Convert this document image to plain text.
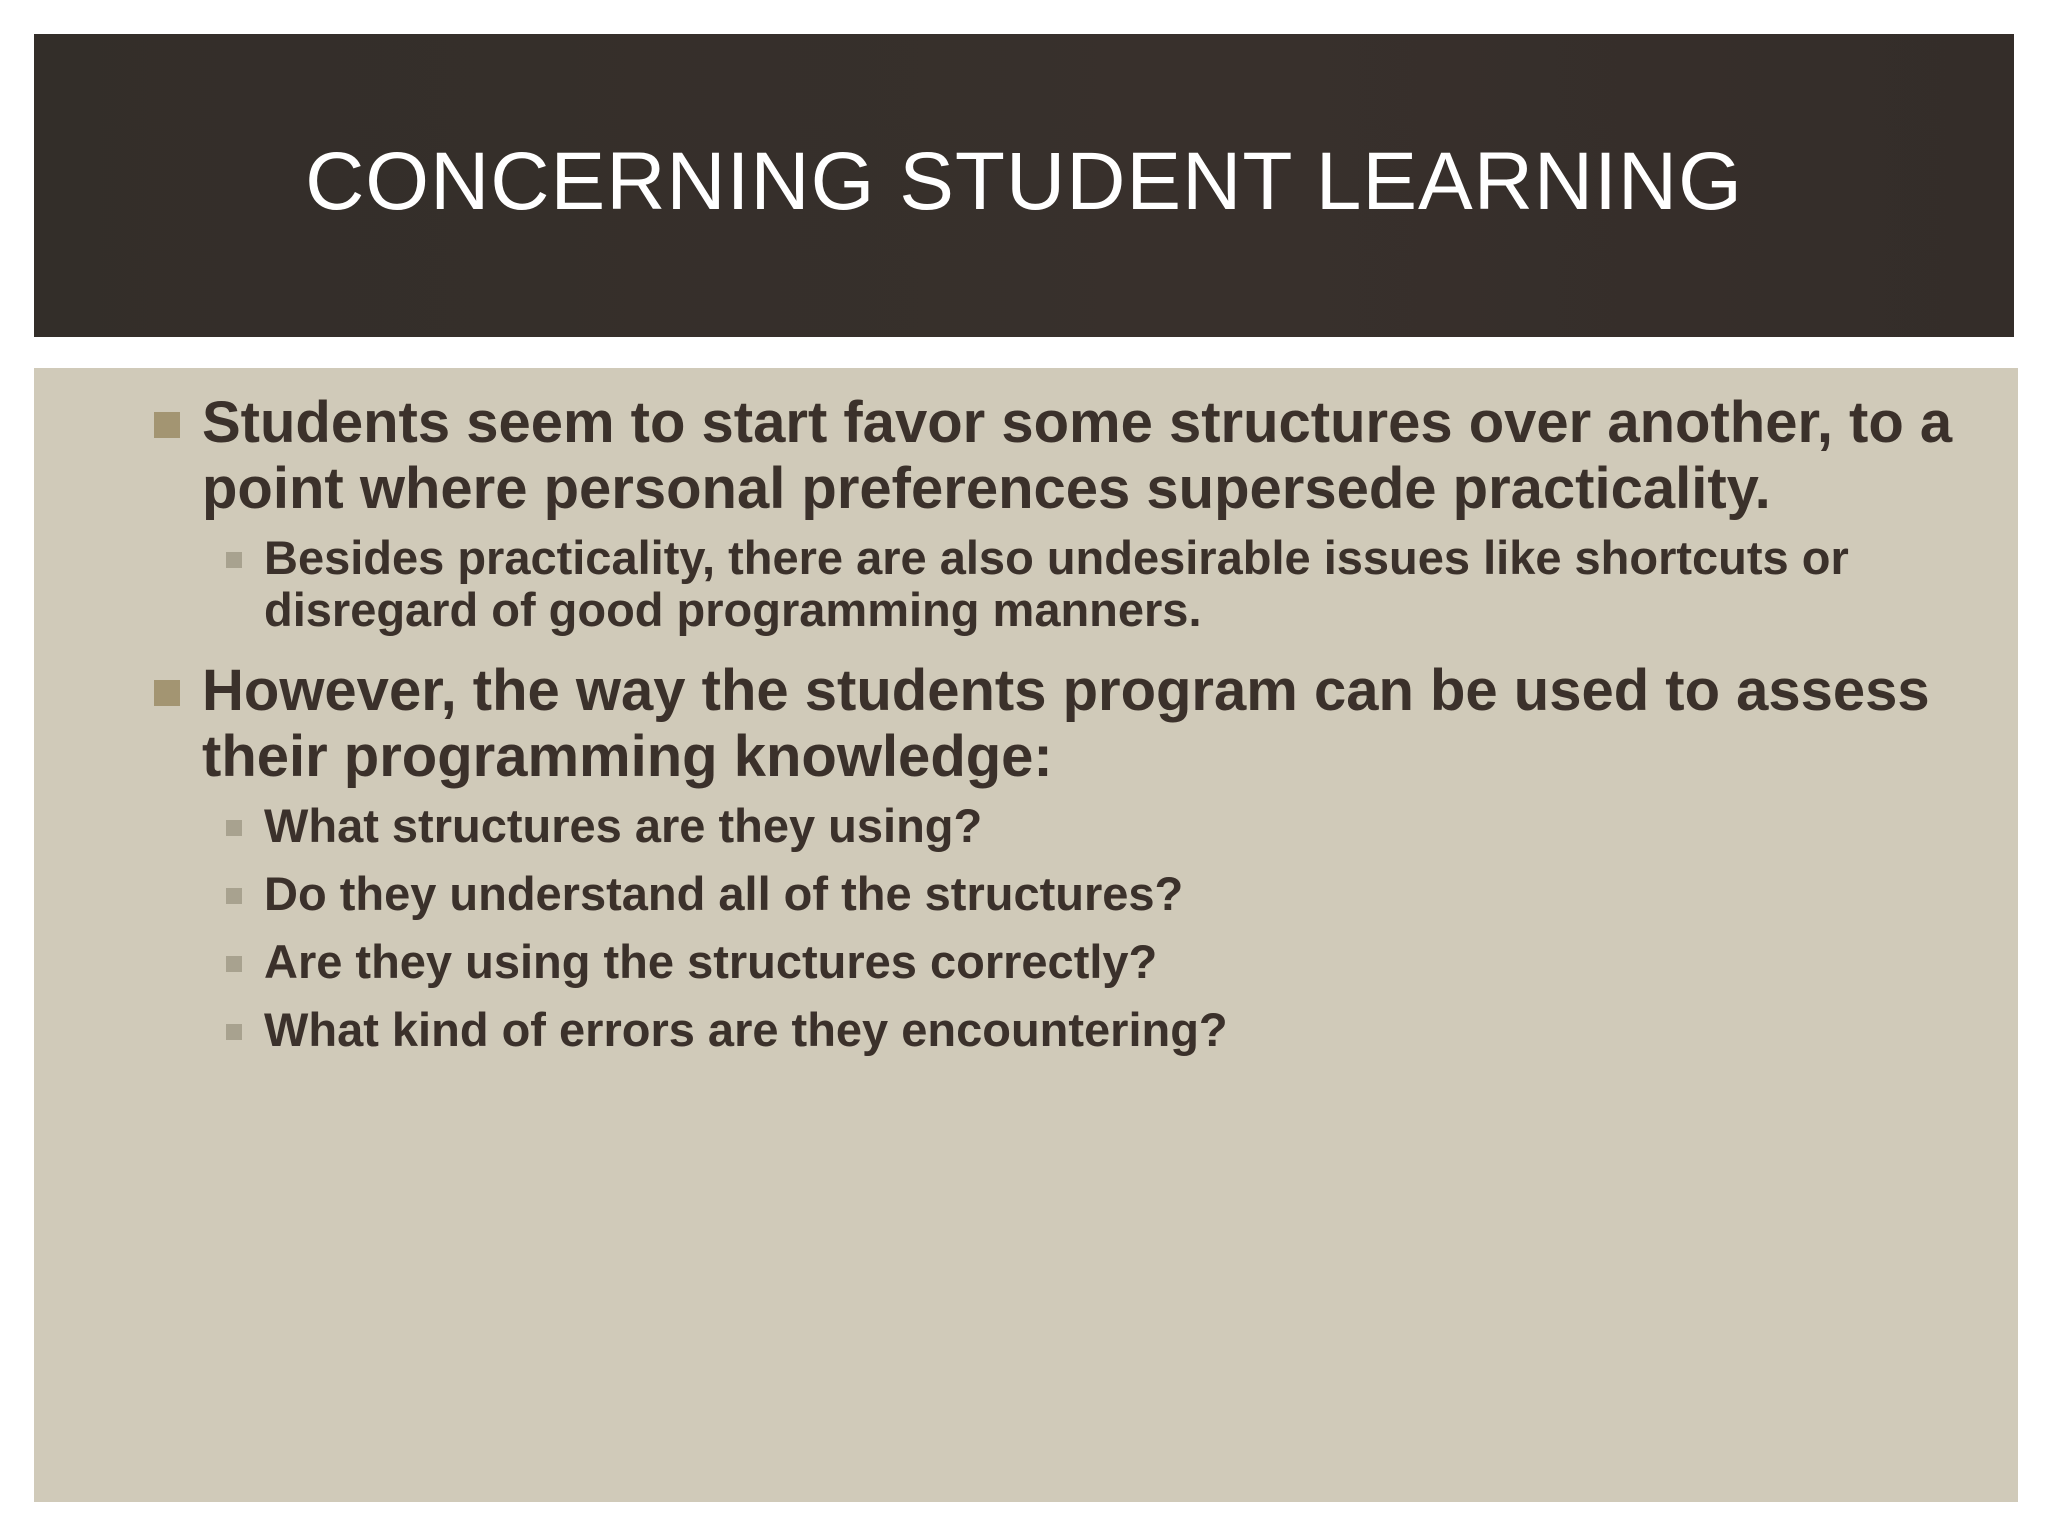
CONCERNING STUDENT LEARNING
Students seem to start favor some structures over another, to a point where personal preferences supersede practicality.
Besides practicality, there are also undesirable issues like shortcuts or disregard of good programming manners.
However, the way the students program can be used to assess their programming knowledge:
What structures are they using?
Do they understand all of the structures?
Are they using the structures correctly?
What kind of errors are they encountering?
